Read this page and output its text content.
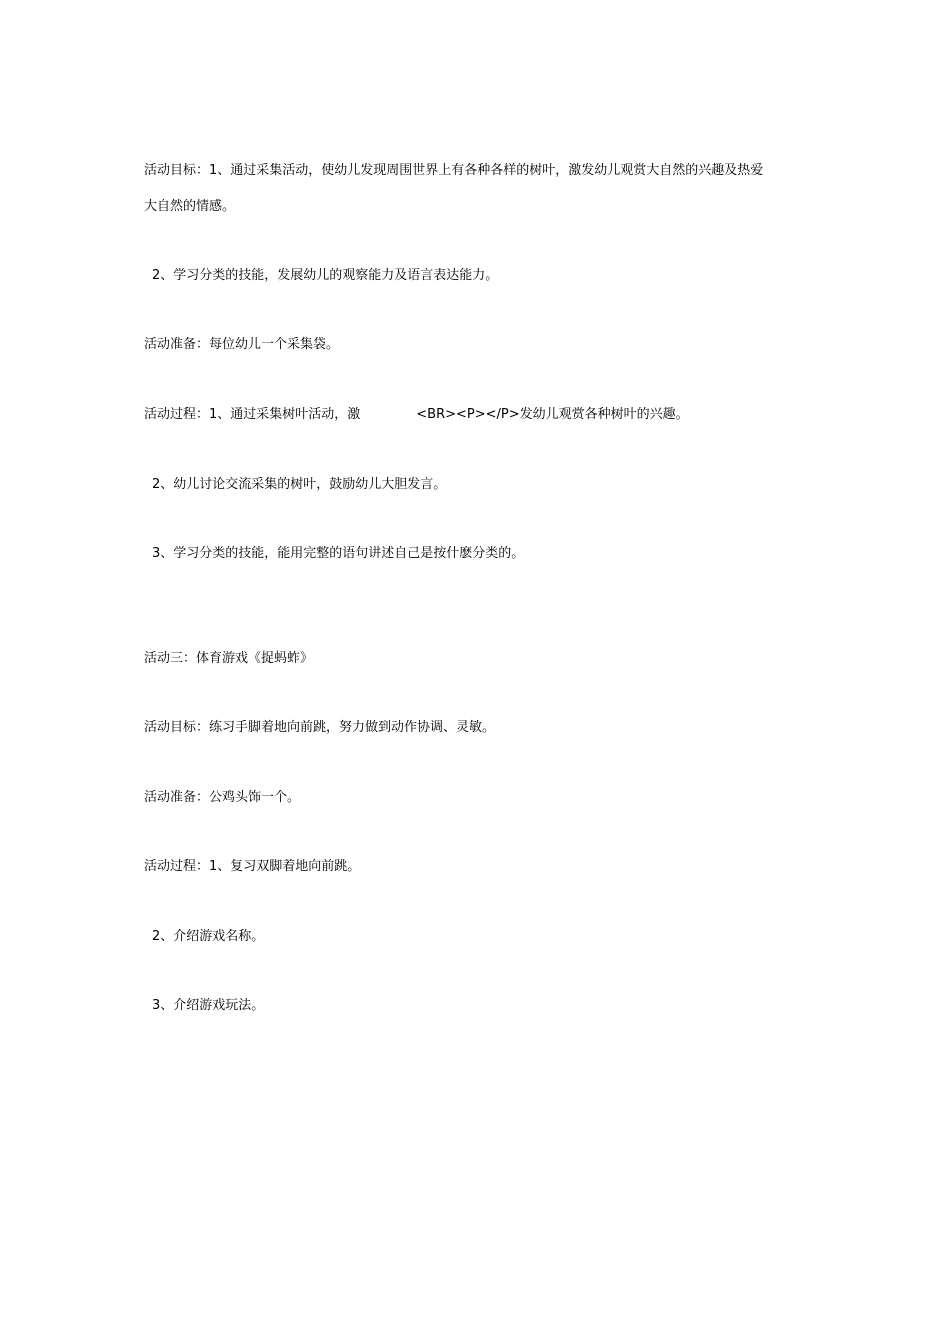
活动目标：1、通过采集活动，使幼儿发现周围世界上有各种各样的树叶，激发幼儿观赏大自然的兴趣及热爱
大自然的情感。
2、学习分类的技能，发展幼儿的观察能力及语言表达能力。
活动准备：每位幼儿一个采集袋。
活动过程：1、通过采集树叶活动，激	<BR><P></P>发幼儿观赏各种树叶的兴趣。
2、幼儿讨论交流采集的树叶，鼓励幼儿大胆发言。
3、学习分类的技能，能用完整的语句讲述自己是按什麽分类的。
活动三：体育游戏《捉蚂蚱》
活动目标：练习手脚着地向前跳，努力做到动作协调、灵敏。
活动准备：公鸡头饰一个。
活动过程：1、复习双脚着地向前跳。
2、介绍游戏名称。
3、介绍游戏玩法。
